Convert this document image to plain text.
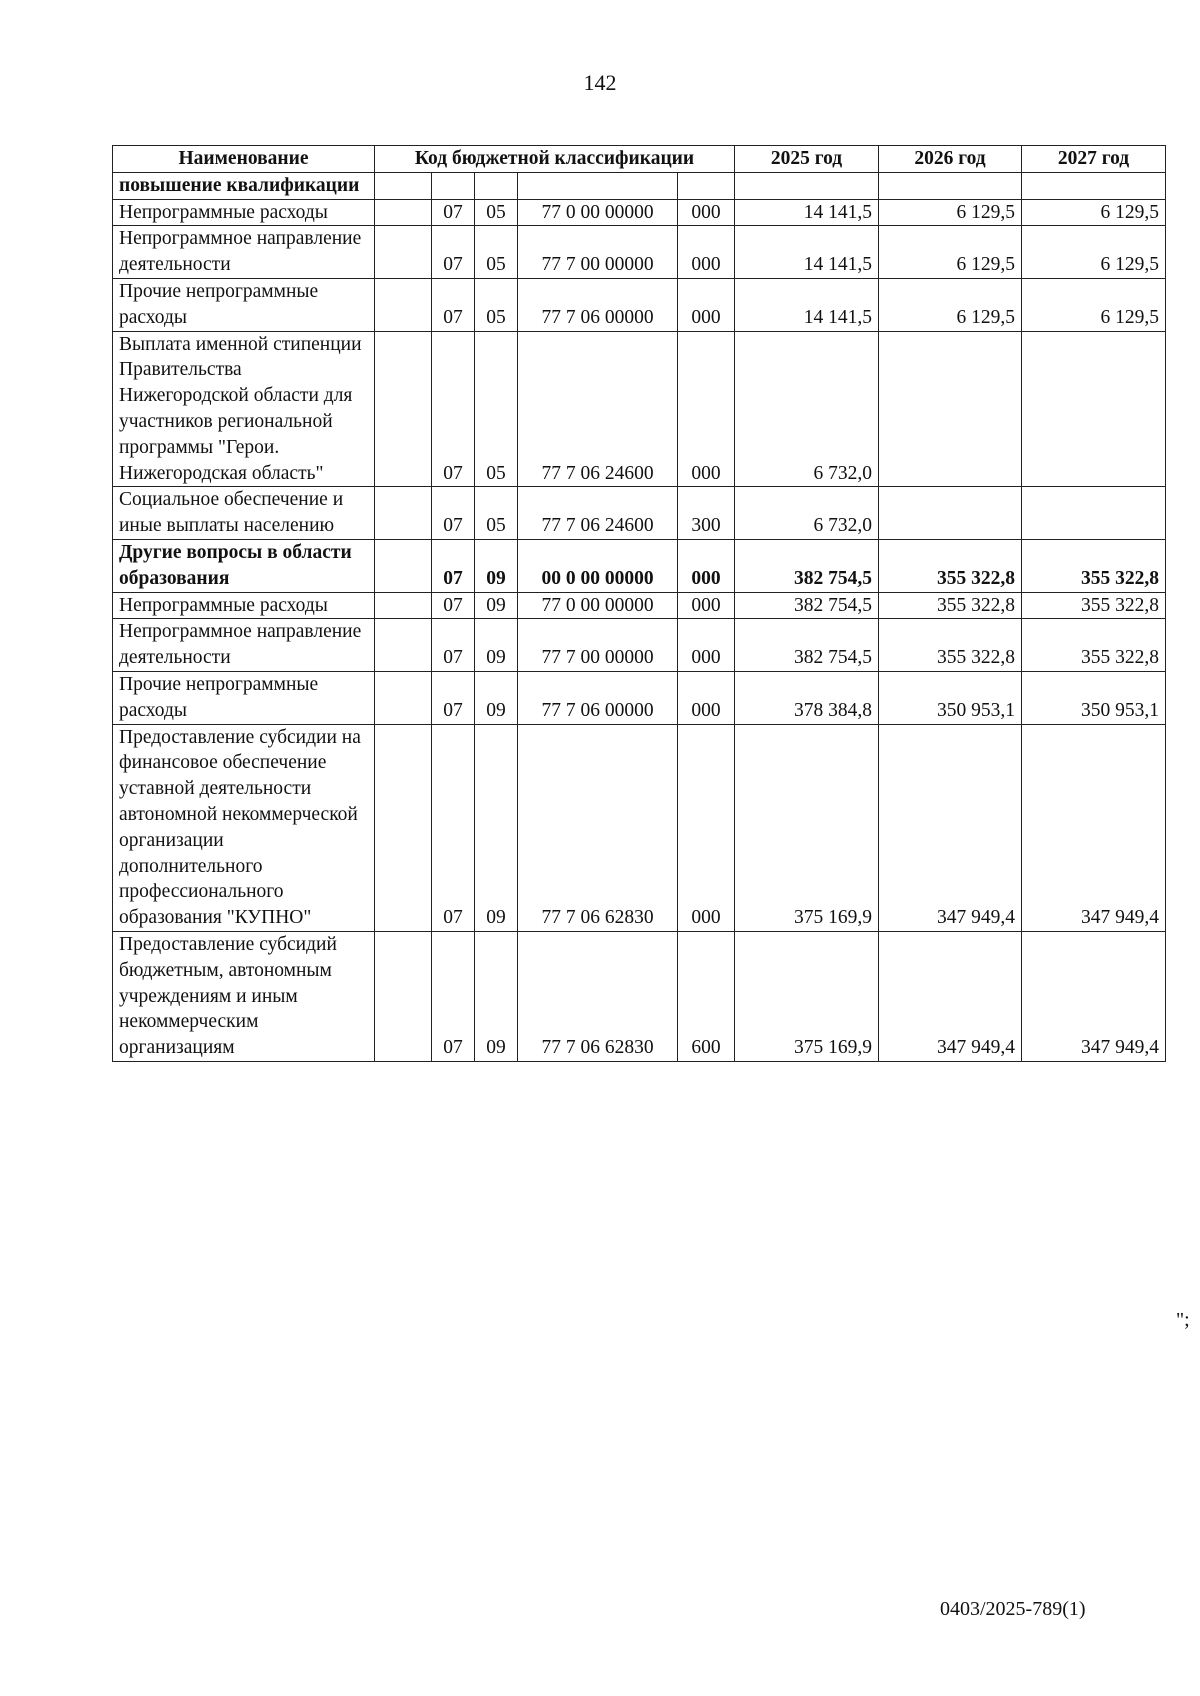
142
Наименование	Код бюджетной классификации					2025 год	2026 год	2027 год
повышение квалификации								
Непрограммные расходы		07	05	77 0 00 00000	000	14 141,5	6 129,5	6 129,5
Непрограммное направление деятельности		07	05	77 7 00 00000	000	14 141,5	6 129,5	6 129,5
Прочие непрограммные расходы		07	05	77 7 06 00000	000	14 141,5	6 129,5	6 129,5
Выплата именной стипенции Правительства Нижегородской области для участников региональной программы "Герои. Нижегородская область"		07	05	77 7 06 24600	000	6 732,0		
Социальное обеспечение и иные выплаты населению		07	05	77 7 06 24600	300	6 732,0		
Другие вопросы в области образования		07	09	00 0 00 00000	000	382 754,5	355 322,8	355 322,8
Непрограммные расходы		07	09	77 0 00 00000	000	382 754,5	355 322,8	355 322,8
Непрограммное направление деятельности		07	09	77 7 00 00000	000	382 754,5	355 322,8	355 322,8
Прочие непрограммные расходы		07	09	77 7 06 00000	000	378 384,8	350 953,1	350 953,1
Предоставление субсидии на финансовое обеспечение уставной деятельности автономной некоммерческой организации дополнительного профессионального образования "КУПНО"		07	09	77 7 06 62830	000	375 169,9	347 949,4	347 949,4
Предоставление субсидий бюджетным, автономным учреждениям и иным некоммерческим организациям		07	09	77 7 06 62830	600	375 169,9	347 949,4	347 949,4
";
0403/2025-789(1)
